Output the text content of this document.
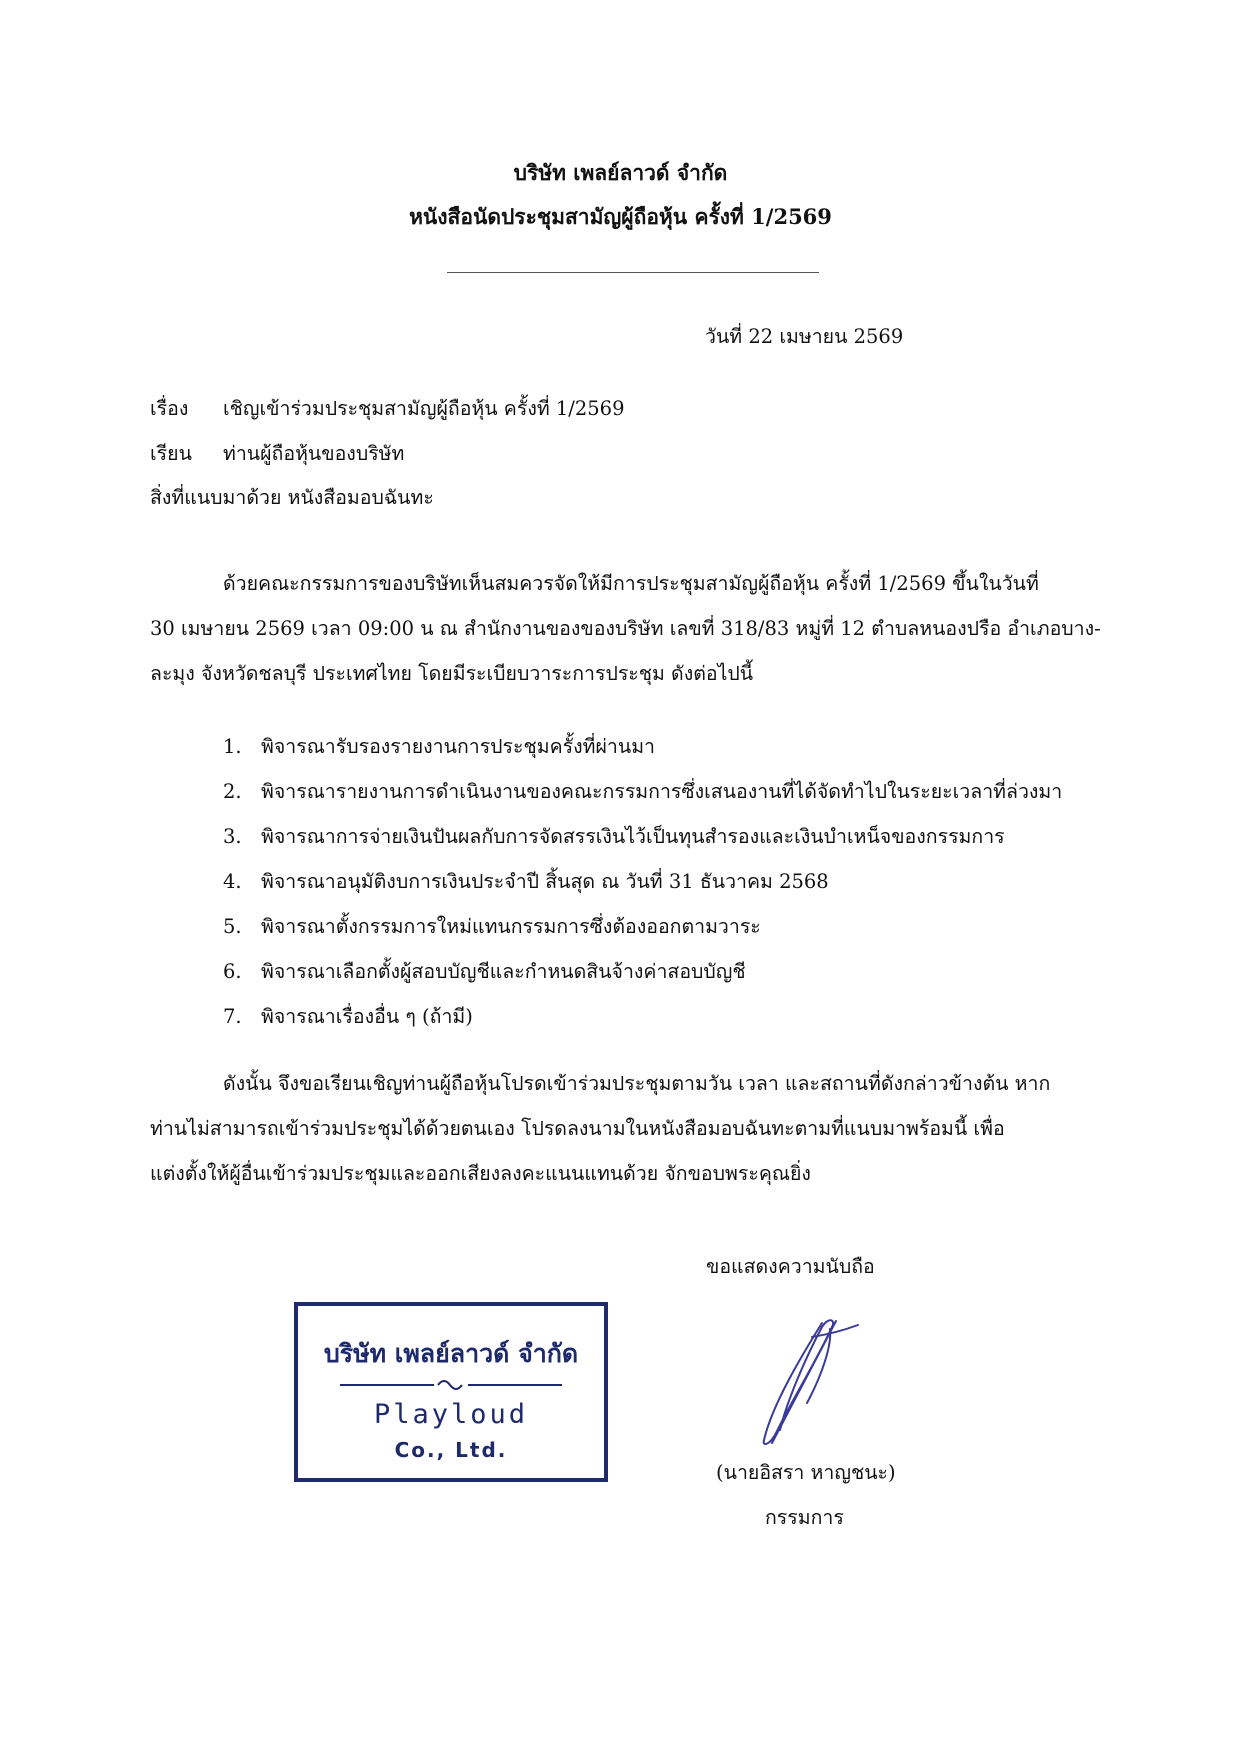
บริษัท เพลย์ลาวด์ จำกัด
หนังสือนัดประชุมสามัญผู้ถือหุ้น ครั้งที่ 1/2569
วันที่ 22 เมษายน 2569
เรื่อง เชิญเข้าร่วมประชุมสามัญผู้ถือหุ้น ครั้งที่ 1/2569
เรียน ท่านผู้ถือหุ้นของบริษัท
สิ่งที่แนบมาด้วย หนังสือมอบฉันทะ
ด้วยคณะกรรมการของบริษัทเห็นสมควรจัดให้มีการประชุมสามัญผู้ถือหุ้น ครั้งที่ 1/2569 ขึ้นในวันที่
30 เมษายน 2569 เวลา 09:00 น ณ สำนักงานของของบริษัท เลขที่ 318/83 หมู่ที่ 12 ตำบลหนองปรือ อำเภอบาง-
ละมุง จังหวัดชลบุรี ประเทศไทย โดยมีระเบียบวาระการประชุม ดังต่อไปนี้
1. พิจารณารับรองรายงานการประชุมครั้งที่ผ่านมา
2. พิจารณารายงานการดำเนินงานของคณะกรรมการซึ่งเสนองานที่ได้จัดทำไปในระยะเวลาที่ล่วงมา
3. พิจารณาการจ่ายเงินปันผลกับการจัดสรรเงินไว้เป็นทุนสำรองและเงินบำเหน็จของกรรมการ
4. พิจารณาอนุมัติงบการเงินประจำปี สิ้นสุด ณ วันที่ 31 ธันวาคม 2568
5. พิจารณาตั้งกรรมการใหม่แทนกรรมการซึ่งต้องออกตามวาระ
6. พิจารณาเลือกตั้งผู้สอบบัญชีและกำหนดสินจ้างค่าสอบบัญชี
7. พิจารณาเรื่องอื่น ๆ (ถ้ามี)
ดังนั้น จึงขอเรียนเชิญท่านผู้ถือหุ้นโปรดเข้าร่วมประชุมตามวัน เวลา และสถานที่ดังกล่าวข้างต้น หาก
ท่านไม่สามารถเข้าร่วมประชุมได้ด้วยตนเอง โปรดลงนามในหนังสือมอบฉันทะตามที่แนบมาพร้อมนี้ เพื่อ
แต่งตั้งให้ผู้อื่นเข้าร่วมประชุมและออกเสียงลงคะแนนแทนด้วย จักขอบพระคุณยิ่ง
ขอแสดงความนับถือ
บริษัท เพลย์ลาวด์ จำกัด
Playloud
Co., Ltd.
(นายอิสรา หาญชนะ)
กรรมการ
